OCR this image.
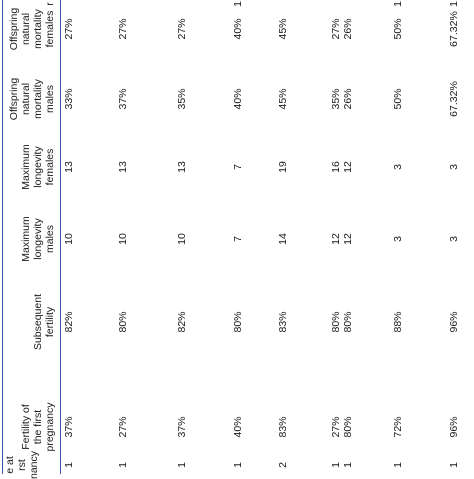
e at rst nancy
Fertility of the first pregnancy
Subsequent fertility
Maximum longevity males
Maximum longevity females
Offspring natural mortality males
Offspring natural mortality females
r
1
37%
82%
10
13
33%
27%
1
27%
80%
10
13
37%
27%
1
37%
82%
10
13
35%
27%
1
40%
80%
7
7
40%
40%
1
2
83%
83%
14
19
45%
45%
1
1
27%
80%
80%
80%
12
12
16
12
35%
26%
27%
26%
1
72%
88%
3
3
50%
50%
1
1
96%
96%
3
3
67.32%
67.32%
1
